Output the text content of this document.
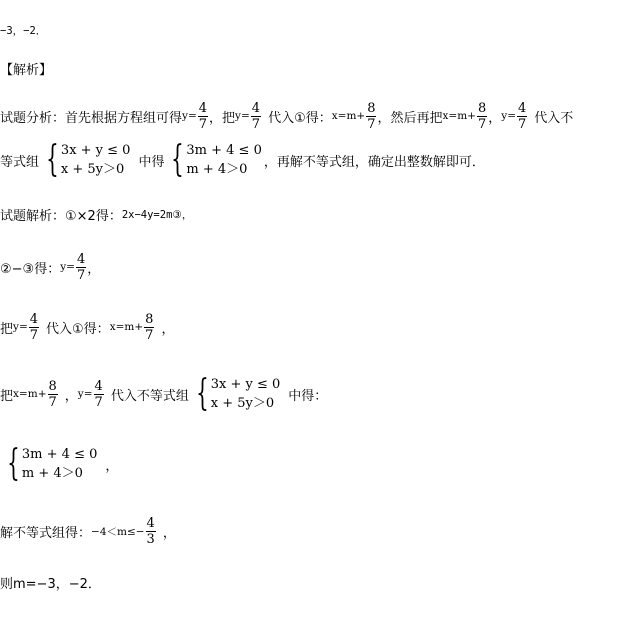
−3，−2．
【解析】
试题分析：首先根据方程组可得 $y= \frac{4}{7}$ ，把 $y= \frac{4}{7}$ 代入①得： $x=m+ \frac{8}{7}$ ，然后再把 $x=m+ \frac{8}{7}$ ， $y= \frac{4}{7}$ 代入不
等式组 { 3x + y ≤ 0
x + 5y＞0	中得 { 3m + 4 ≤ 0
m + 4＞0	，再解不等式组，确定出整数解即可．
试题解析：①×2得： 2x−4y=2m③，
②−③得： $y= \frac{4}{7}$ ，
把 $y= \frac{4}{7}$ 代入①得： $x=m+ \frac{8}{7}$ ，
把 $x=m+ \frac{8}{7}$ ， $y= \frac{4}{7}$ 代入不等式组 { 3x + y ≤ 0
x + 5y＞0	中得：
{ 3m + 4 ≤ 0
m + 4＞0	，
解不等式组得： $-4<m\le- \frac{4}{3}$ ，
则m=−3，−2．
